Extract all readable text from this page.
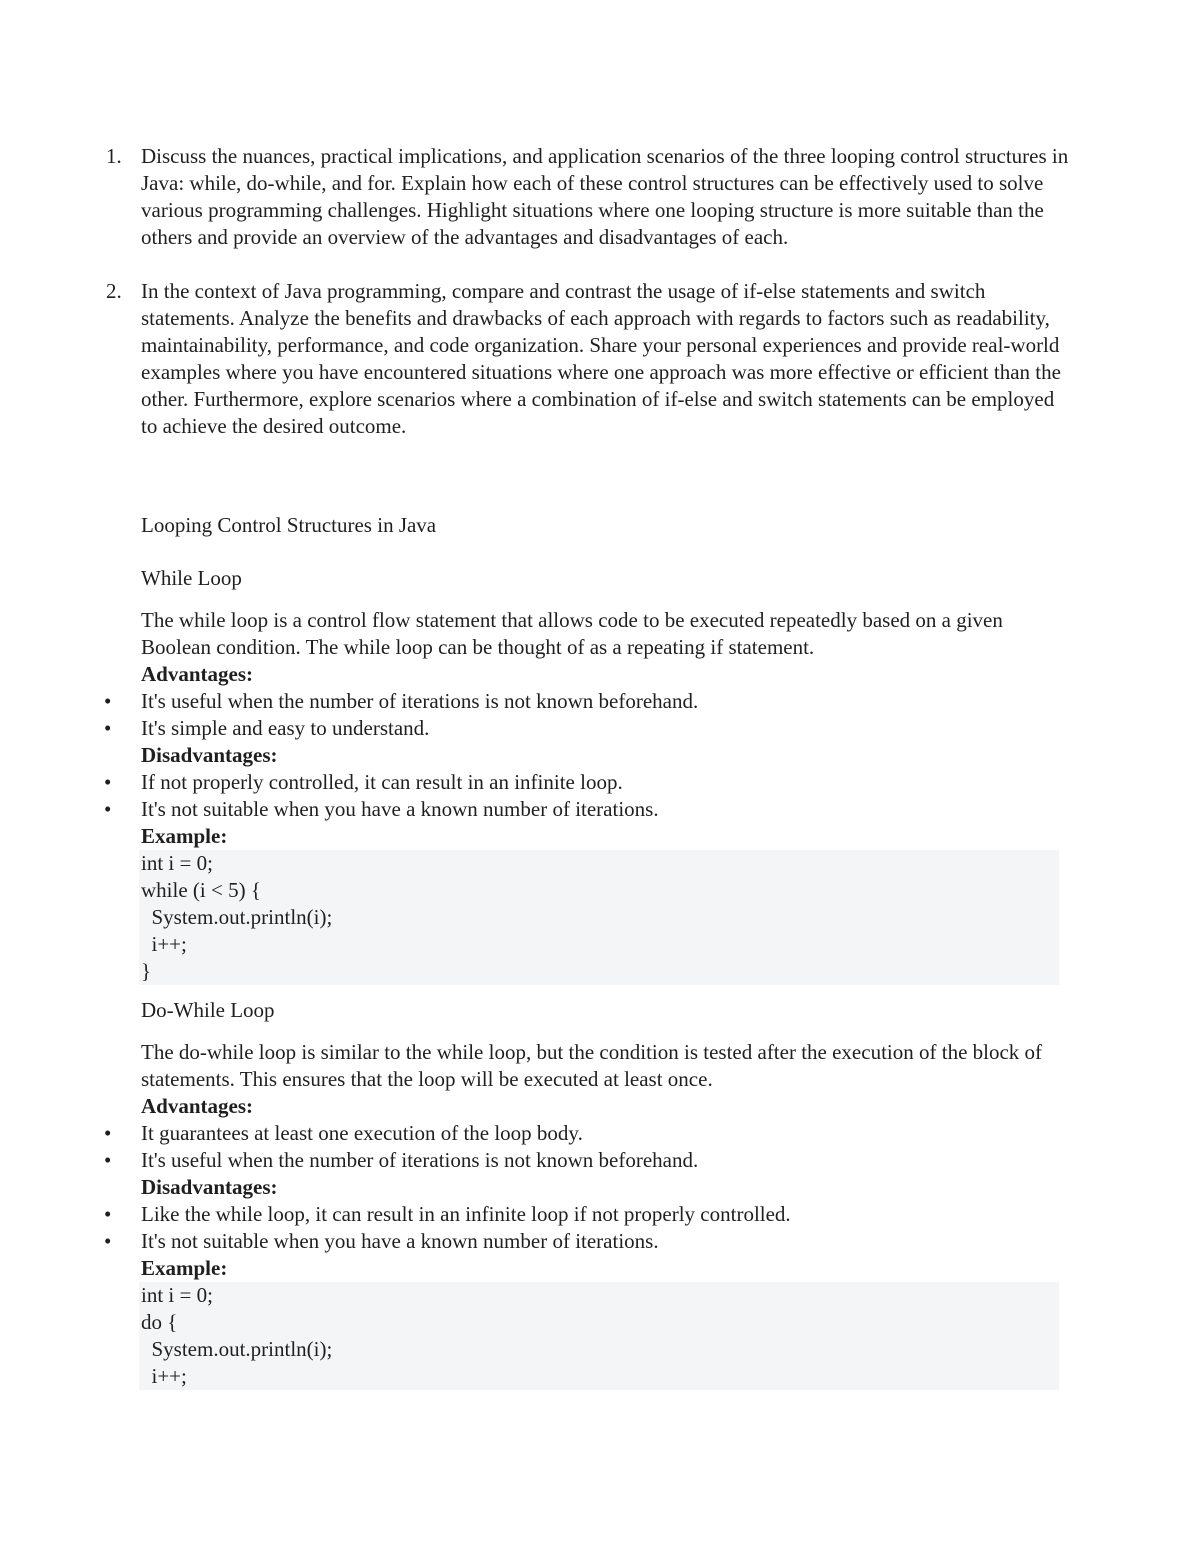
1. Discuss the nuances, practical implications, and application scenarios of the three looping control structures in Java: while, do-while, and for. Explain how each of these control structures can be effectively used to solve various programming challenges. Highlight situations where one looping structure is more suitable than the others and provide an overview of the advantages and disadvantages of each.
2. In the context of Java programming, compare and contrast the usage of if-else statements and switch statements. Analyze the benefits and drawbacks of each approach with regards to factors such as readability, maintainability, performance, and code organization. Share your personal experiences and provide real-world examples where you have encountered situations where one approach was more effective or efficient than the other. Furthermore, explore scenarios where a combination of if-else and switch statements can be employed to achieve the desired outcome.
Looping Control Structures in Java
While Loop
The while loop is a control flow statement that allows code to be executed repeatedly based on a given Boolean condition. The while loop can be thought of as a repeating if statement.
Advantages:
• It's useful when the number of iterations is not known beforehand.
• It's simple and easy to understand.
Disadvantages:
• If not properly controlled, it can result in an infinite loop.
• It's not suitable when you have a known number of iterations.
Example:
int i = 0;
while (i < 5) {
System.out.println(i);
i++;
}
Do-While Loop
The do-while loop is similar to the while loop, but the condition is tested after the execution of the block of statements. This ensures that the loop will be executed at least once.
Advantages:
• It guarantees at least one execution of the loop body.
• It's useful when the number of iterations is not known beforehand.
Disadvantages:
• Like the while loop, it can result in an infinite loop if not properly controlled.
• It's not suitable when you have a known number of iterations.
Example:
int i = 0;
do {
System.out.println(i);
i++;
